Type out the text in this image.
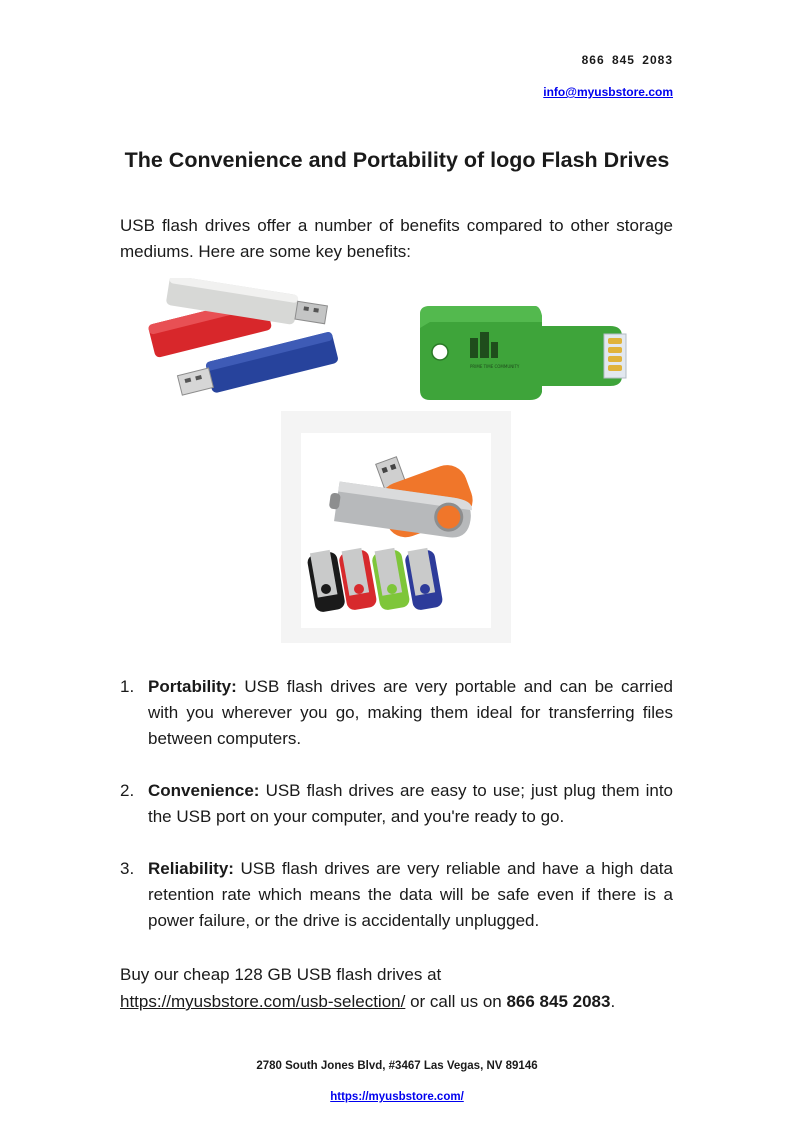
866 845 2083
info@myusbstore.com
The Convenience and Portability of logo Flash Drives
USB flash drives offer a number of benefits compared to other storage mediums. Here are some key benefits:
PRIME TIME COMMUNITY
1. Portability: USB flash drives are very portable and can be carried with you wherever you go, making them ideal for transferring files between computers.
2. Convenience: USB flash drives are easy to use; just plug them into the USB port on your computer, and you're ready to go.
3. Reliability: USB flash drives are very reliable and have a high data retention rate which means the data will be safe even if there is a power failure, or the drive is accidentally unplugged.
Buy our cheap 128 GB USB flash drives at
https://myusbstore.com/usb-selection/ or call us on 866 845 2083.
2780 South Jones Blvd, #3467 Las Vegas, NV 89146
https://myusbstore.com/
